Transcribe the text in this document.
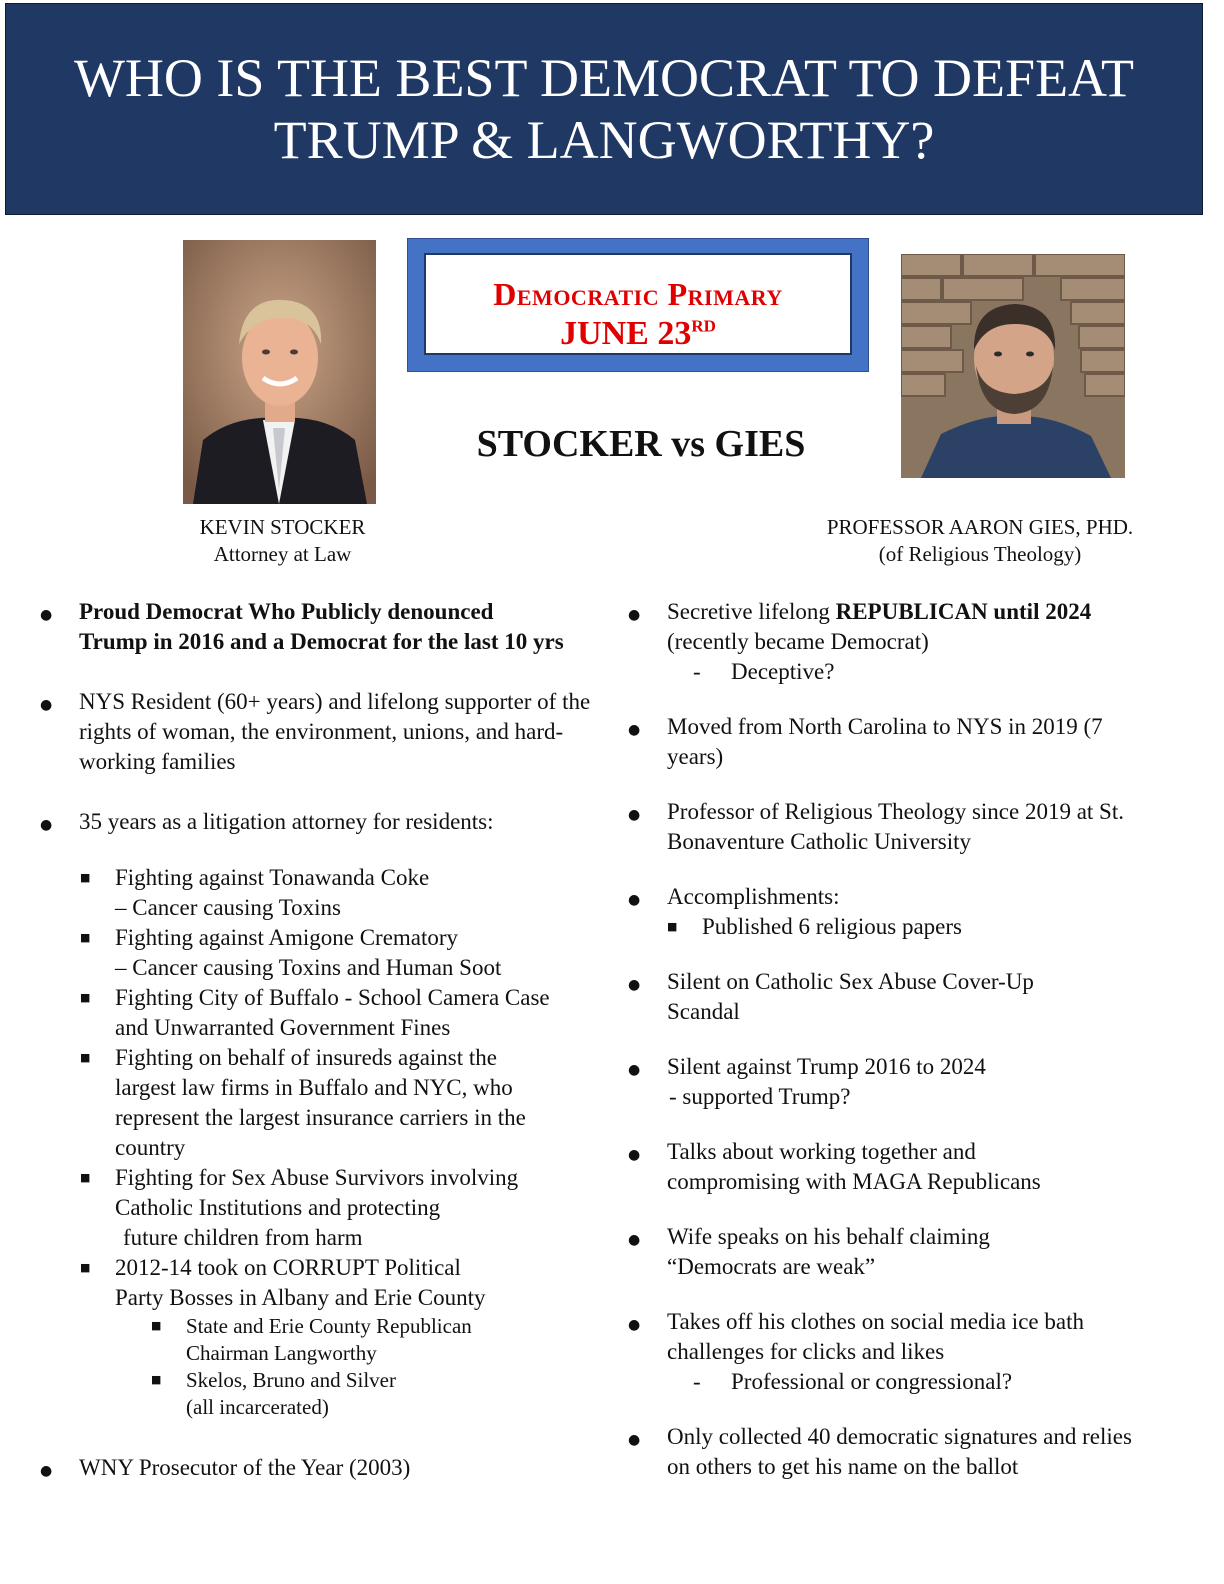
WHO IS THE BEST DEMOCRAT TO DEFEAT
TRUMP & LANGWORTHY?
Democratic Primary
JUNE 23RD
STOCKER vs GIES
KEVIN STOCKER
Attorney at Law
PROFESSOR AARON GIES, PHD.
(of Religious Theology)
●
Proud Democrat Who Publicly denounced
Trump in 2016 and a Democrat for the last 10 yrs
●
NYS Resident (60+ years) and lifelong supporter of the rights of woman, the environment, unions, and hard-working families
●
35 years as a litigation attorney for residents:
■
Fighting against Tonawanda Coke
– Cancer causing Toxins
■
Fighting against Amigone Crematory
– Cancer causing Toxins and Human Soot
■
Fighting City of Buffalo - School Camera Case and Unwarranted Government Fines
■
Fighting on behalf of insureds against the largest law firms in Buffalo and NYC, who represent the largest insurance carriers in the country
■
Fighting for Sex Abuse Survivors involving Catholic Institutions and protecting
future children from harm
■
2012-14 took on CORRUPT Political
Party Bosses in Albany and Erie County
■
State and Erie County Republican Chairman Langworthy
■
Skelos, Bruno and Silver
(all incarcerated)
●
WNY Prosecutor of the Year (2003)
●
Secretive lifelong REPUBLICAN until 2024
(recently became Democrat)
- Deceptive?
●
Moved from North Carolina to NYS in 2019 (7 years)
●
Professor of Religious Theology since 2019 at St. Bonaventure Catholic University
●
Accomplishments:
■
Published 6 religious papers
●
Silent on Catholic Sex Abuse Cover-Up Scandal
●
Silent against Trump 2016 to 2024
- supported Trump?
●
Talks about working together and compromising with MAGA Republicans
●
Wife speaks on his behalf claiming
“Democrats are weak”
●
Takes off his clothes on social media ice bath challenges for clicks and likes
- Professional or congressional?
●
Only collected 40 democratic signatures and relies on others to get his name on the ballot
